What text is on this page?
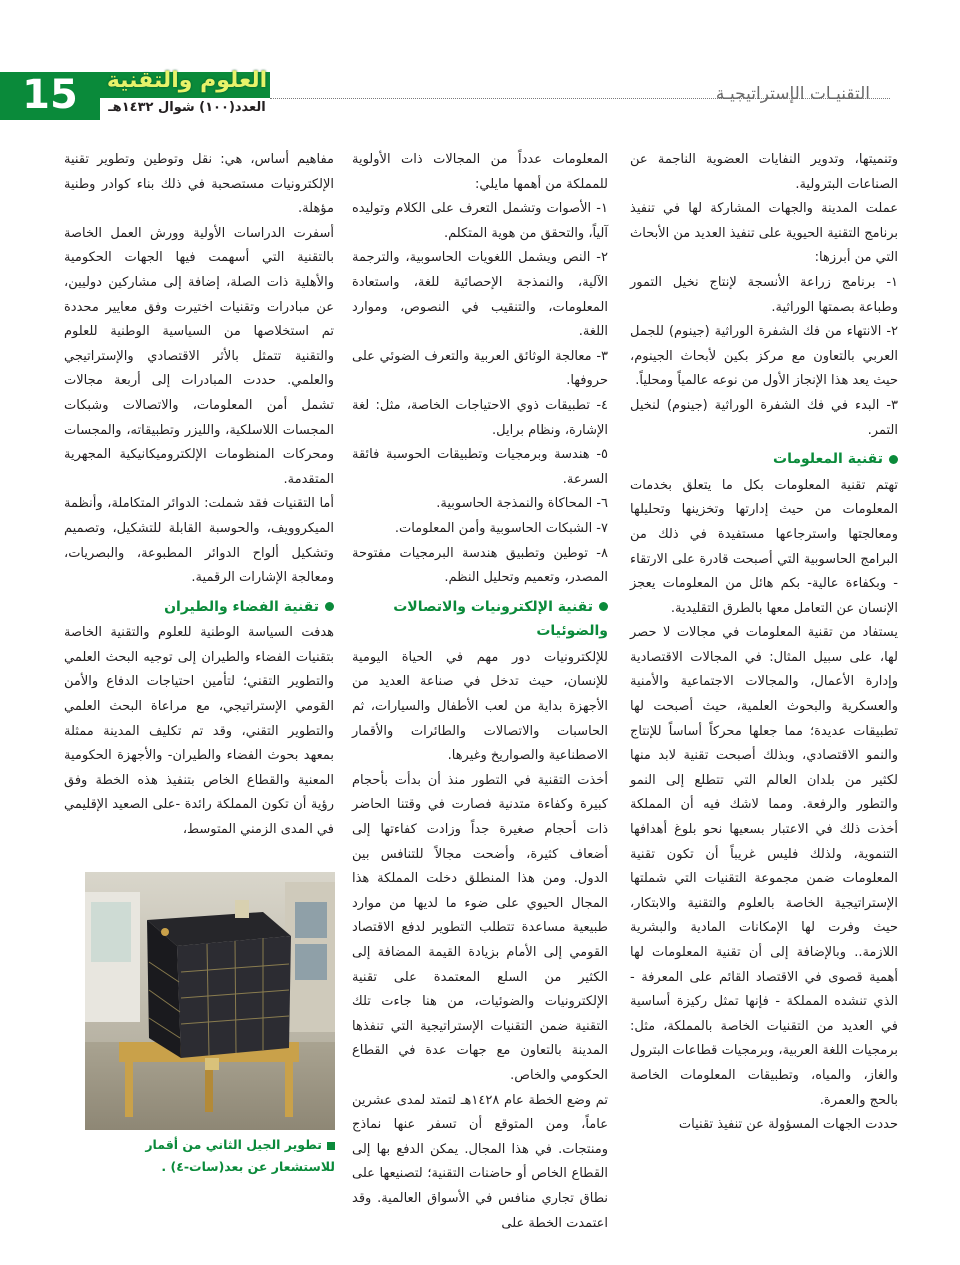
15	العلوم والتقنية
العدد(١٠٠) شوال ١٤٣٢هـ
التقنيـات الإستراتيجيـة

وتنميتها، وتدوير النفايات العضوية الناجمة عن الصناعات البترولية.

عملت المدينة والجهات المشاركة لها في تنفيذ برنامج التقنية الحيوية على تنفيذ العديد من الأبحاث التي من أبرزها:

١- برنامج زراعة الأنسجة لإنتاج نخيل التمور وطباعة بصمتها الوراثية.

٢- الانتهاء من فك الشفرة الوراثية (جينوم) للجمل العربي بالتعاون مع مركز بكين لأبحاث الجينوم، حيث يعد هذا الإنجاز الأول من نوعه عالمياً ومحلياً.

٣- البدء في فك الشفرة الوراثية (جينوم) لنخيل التمر.

تقنية المعلومات

تهتم تقنية المعلومات بكل ما يتعلق بخدمات المعلومات من حيث إدارتها وتخزينها وتحليلها ومعالجتها واسترجاعها مستفيدة في ذلك من البرامج الحاسوبية التي أصبحت قادرة على الارتقاء - وبكفاءة عالية- بكم هائل من المعلومات يعجز الإنسان عن التعامل معها بالطرق التقليدية.

يستفاد من تقنية المعلومات في مجالات لا حصر لها، على سبيل المثال: في المجالات الاقتصادية وإدارة الأعمال، والمجالات الاجتماعية والأمنية والعسكرية والبحوث العلمية، حيث أصبحت لها تطبيقات عديدة؛ مما جعلها محركاً أساساً للإنتاج والنمو الاقتصادي، وبذلك أصبحت تقنية لابد منها لكثير من بلدان العالم التي تتطلع إلى النمو والتطور والرفعة. ومما لاشك فيه أن المملكة أخذت ذلك في الاعتبار بسعيها نحو بلوغ أهدافها التنموية، ولذلك فليس غريباً أن تكون تقنية المعلومات ضمن مجموعة التقنيات التي شملتها الإستراتيجية الخاصة بالعلوم والتقنية والابتكار، حيث وفرت لها الإمكانات المادية والبشرية اللازمة.. وبالإضافة إلى أن تقنية المعلومات لها أهمية قصوى في الاقتصاد القائم على المعرفة - الذي تنشده المملكة - فإنها تمثل ركيزة أساسية في العديد من التقنيات الخاصة بالمملكة، مثل: برمجيات اللغة العربية، وبرمجيات قطاعات البترول والغاز، والمياه، وتطبيقات المعلومات الخاصة بالحج والعمرة.

حددت الجهات المسؤولة عن تنفيذ تقنيات

المعلومات عدداً من المجالات ذات الأولوية للمملكة من أهمها مايلي:

١- الأصوات وتشمل التعرف على الكلام وتوليده آلياً، والتحقق من هوية المتكلم.

٢- النص ويشمل اللغويات الحاسوبية، والترجمة الآلية، والنمذجة الإحصائية للغة، واستعادة المعلومات، والتنقيب في النصوص، وموارد اللغة.

٣- معالجة الوثائق العربية والتعرف الضوئي على حروفها.

٤- تطبيقات ذوي الاحتياجات الخاصة، مثل: لغة الإشارة، ونظام برايل.

٥- هندسة وبرمجيات وتطبيقات الحوسبة فائقة السرعة.

٦- المحاكاة والنمذجة الحاسوبية.

٧- الشبكات الحاسوبية وأمن المعلومات.

٨- توطين وتطبيق هندسة البرمجيات مفتوحة المصدر، وتعميم وتحليل النظم.

تقنية الإلكترونيات والاتصالات والضوئيات

للإلكترونيات دور مهم في الحياة اليومية للإنسان، حيث تدخل في صناعة العديد من الأجهزة بداية من لعب الأطفال والسيارات، ثم الحاسبات والاتصالات والطائرات والأقمار الاصطناعية والصواريخ وغيرها.

أخذت التقنية في التطور منذ أن بدأت بأحجام كبيرة وكفاءة متدنية فصارت في وقتنا الحاضر ذات أحجام صغيرة جداً وزادت كفاءتها إلى أضعاف كثيرة، وأضحت مجالاً للتنافس بين الدول. ومن هذا المنطلق دخلت المملكة هذا المجال الحيوي على ضوء ما لديها من موارد طبيعية مساعدة تتطلب التطوير لدفع الاقتصاد القومي إلى الأمام بزيادة القيمة المضافة إلى الكثير من السلع المعتمدة على تقنية الإلكترونيات والضوئيات، من هنا جاءت تلك التقنية ضمن التقنيات الإستراتيجية التي تنفذها المدينة بالتعاون مع جهات عدة في القطاع الحكومي والخاص.

تم وضع الخطة عام ١٤٢٨هـ لتمتد لمدى عشرين عاماً، ومن المتوقع أن تسفر عنها نماذج ومنتجات. في هذا المجال. يمكن الدفع بها إلى القطاع الخاص أو حاضنات التقنية؛ لتصنيعها على نطاق تجاري منافس في الأسواق العالمية. وقد اعتمدت الخطة على

مفاهيم أساس، هي: نقل وتوطين وتطوير تقنية الإلكترونيات مستصحبة في ذلك بناء كوادر وطنية مؤهلة.

أسفرت الدراسات الأولية وورش العمل الخاصة بالتقنية التي أسهمت فيها الجهات الحكومية والأهلية ذات الصلة، إضافة إلى مشاركين دوليين، عن مبادرات وتقنيات اختيرت وفق معايير محددة تم استخلاصها من السياسية الوطنية للعلوم والتقنية تتمثل بالأثر الاقتصادي والإستراتيجي والعلمي. حددت المبادرات إلى أربعة مجالات تشمل أمن المعلومات، والاتصالات وشبكات المجسات اللاسلكية، والليزر وتطبيقاته، والمجسات ومحركات المنظومات الإلكتروميكانيكية المجهرية المتقدمة.

أما التقنيات فقد شملت: الدوائر المتكاملة، وأنظمة الميكروويف، والحوسبة القابلة للتشكيل، وتصميم وتشكيل ألواح الدوائر المطبوعة، والبصريات، ومعالجة الإشارات الرقمية.

تقنية الفضاء والطيران

هدفت السياسة الوطنية للعلوم والتقنية الخاصة بتقنيات الفضاء والطيران إلى توجيه البحث العلمي والتطوير التقني؛ لتأمين احتياجات الدفاع والأمن القومي الإستراتيجي، مع مراعاة البحث العلمي والتطوير التقني، وقد تم تكليف المدينة ممثلة بمعهد بحوث الفضاء والطيران- والأجهزة الحكومية المعنية والقطاع الخاص بتنفيذ هذه الخطة وفق رؤية أن تكون المملكة رائدة -على الصعيد الإقليمي في المدى الزمني المتوسط،

تطوير الجيل الثاني من أقمار للاستشعار عن بعد(سات-٤) .
